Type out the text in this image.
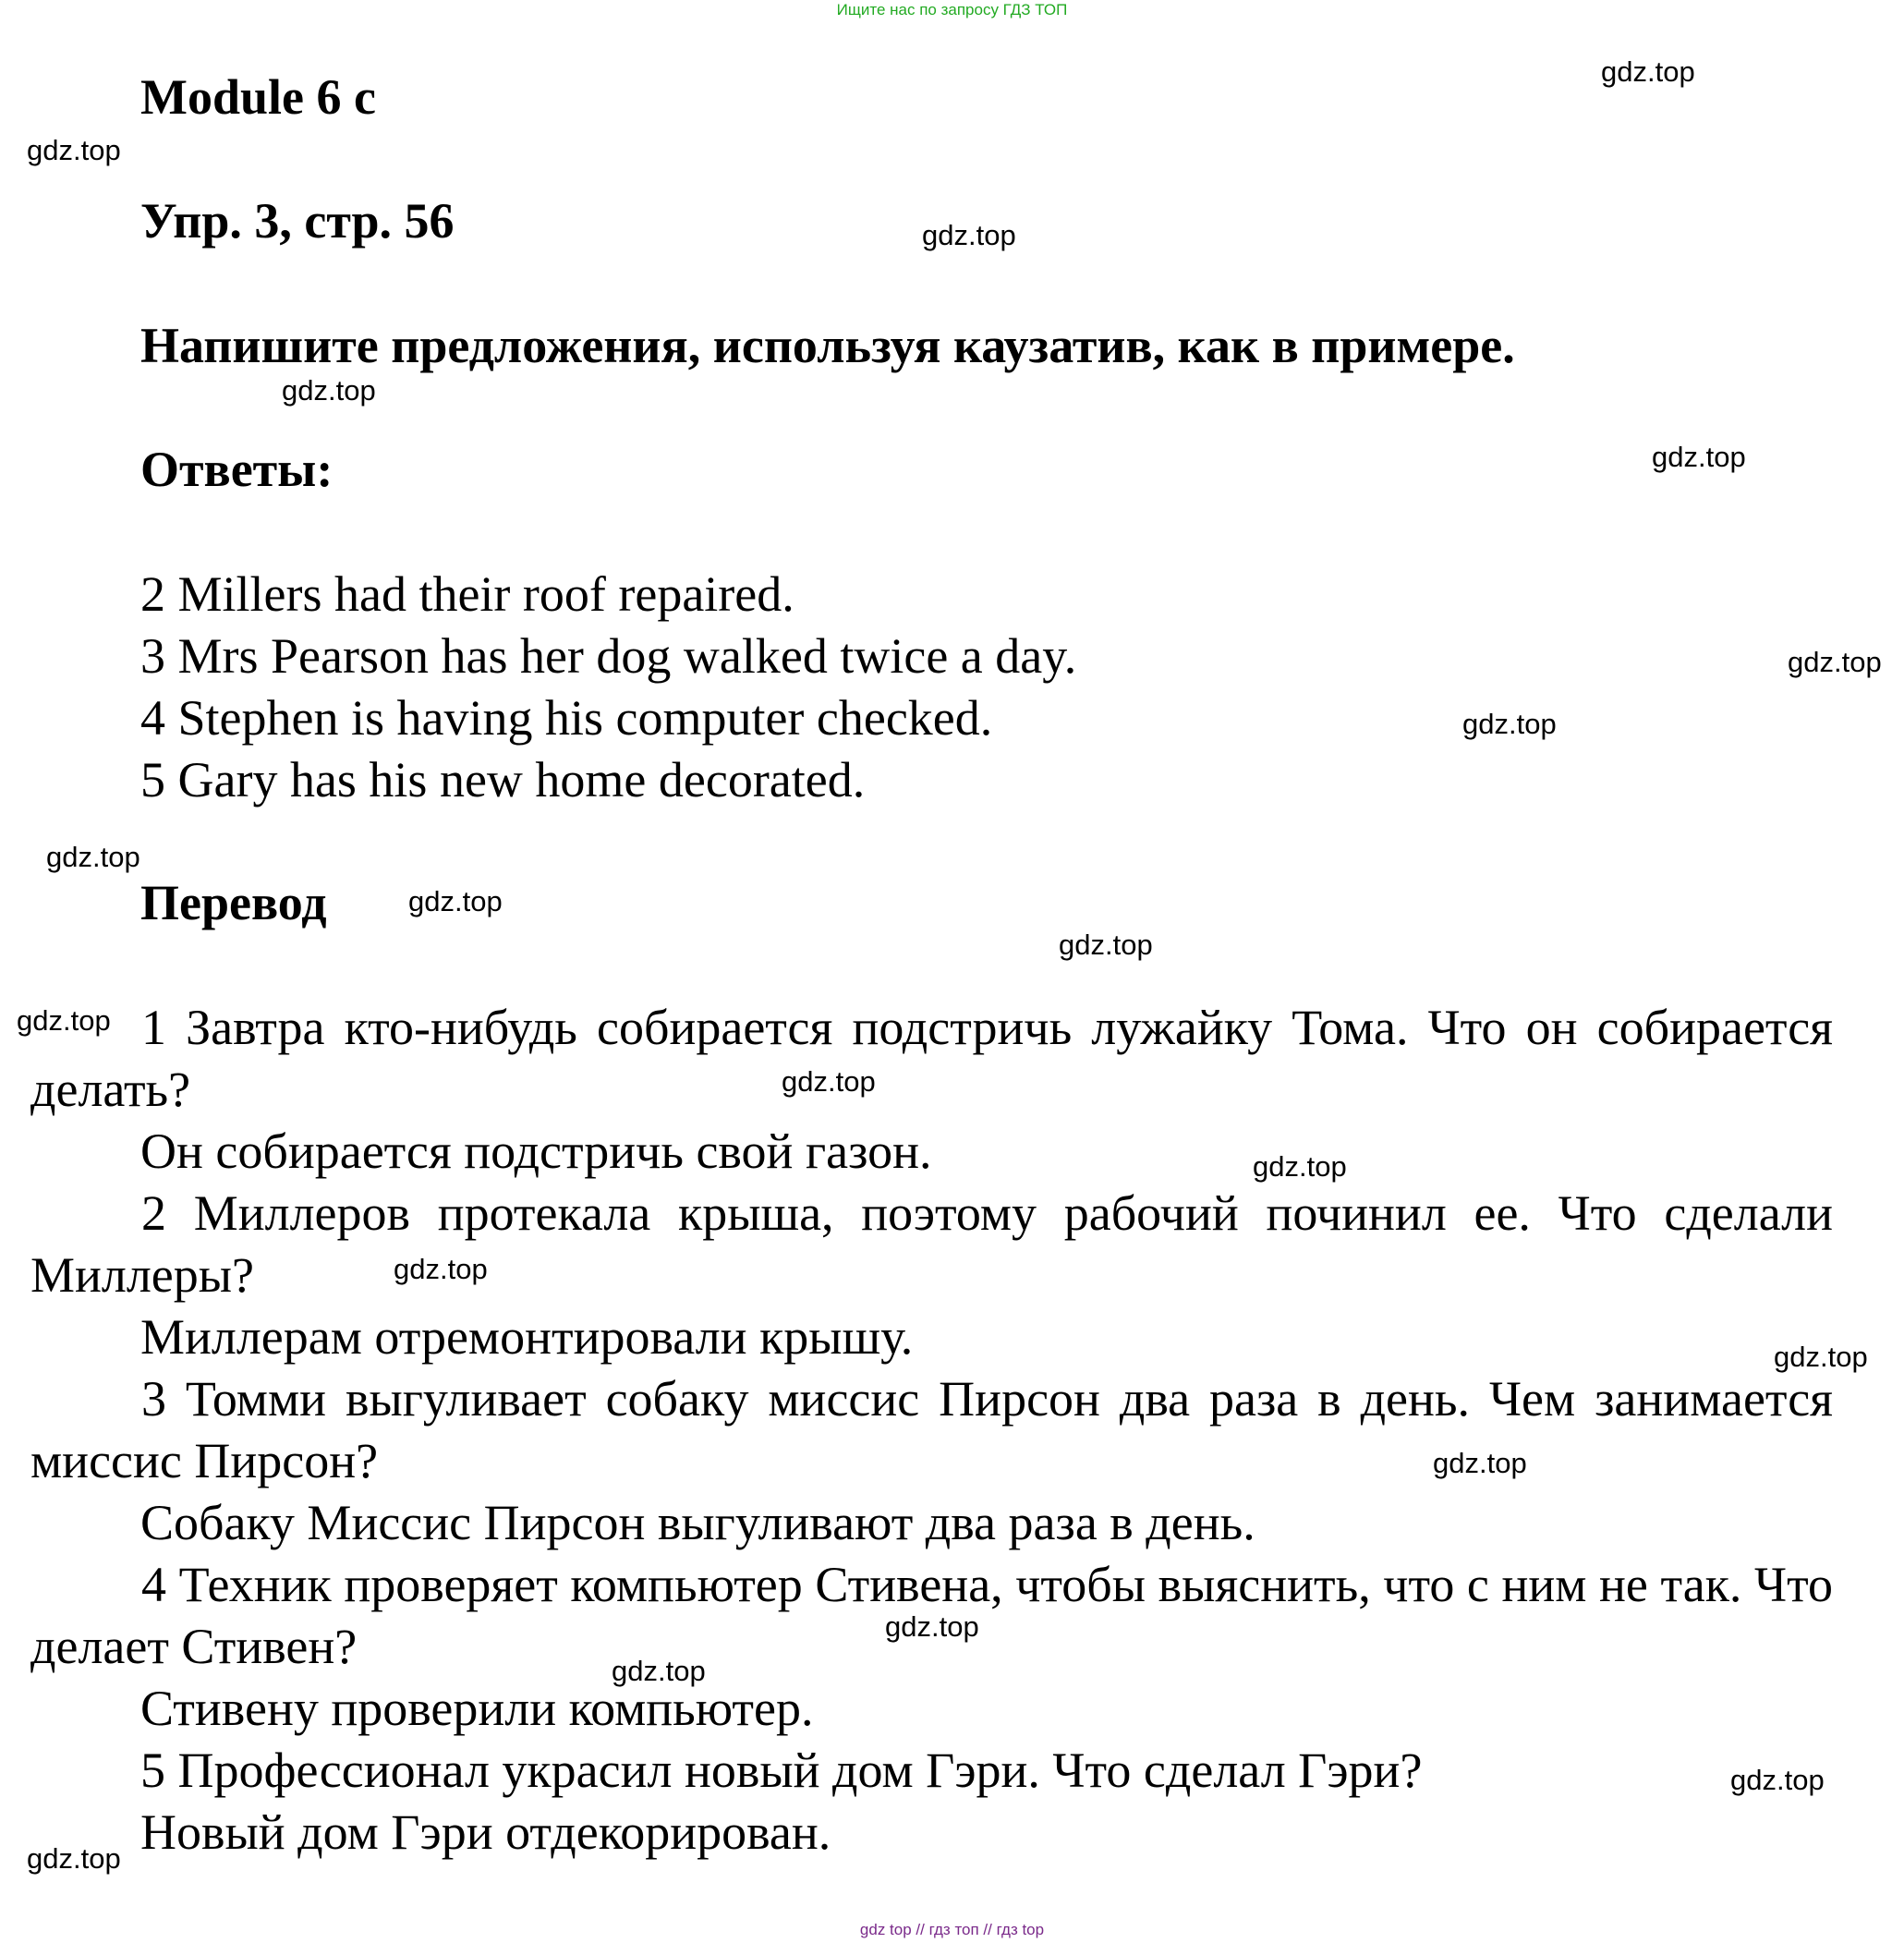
Ищите нас по запросу ГДЗ ТОП
Module 6 c
Упр. 3, стр. 56
Напишите предложения, используя каузатив, как в примере.
Ответы:
2 Millers had their roof repaired.
3 Mrs Pearson has her dog walked twice a day.
4 Stephen is having his computer checked.
5 Gary has his new home decorated.
Перевод
1 Завтра кто-нибудь собирается подстричь лужайку Тома. Что он собирается делать?
Он собирается подстричь свой газон.
2 Миллеров протекала крыша, поэтому рабочий починил ее. Что сделали Миллеры?
Миллерам отремонтировали крышу.
3 Томми выгуливает собаку миссис Пирсон два раза в день. Чем занимается миссис Пирсон?
Собаку Миссис Пирсон выгуливают два раза в день.
4 Техник проверяет компьютер Стивена, чтобы выяснить, что с ним не так. Что делает Стивен?
Стивену проверили компьютер.
5 Профессионал украсил новый дом Гэри. Что сделал Гэри?
Новый дом Гэри отдекорирован.
gdz.top
gdz.top
gdz.top
gdz.top
gdz.top
gdz.top
gdz.top
gdz.top
gdz.top
gdz.top
gdz.top
gdz.top
gdz.top
gdz.top
gdz.top
gdz.top
gdz.top
gdz.top
gdz.top
gdz.top
gdz top // гдз топ // гдз top
